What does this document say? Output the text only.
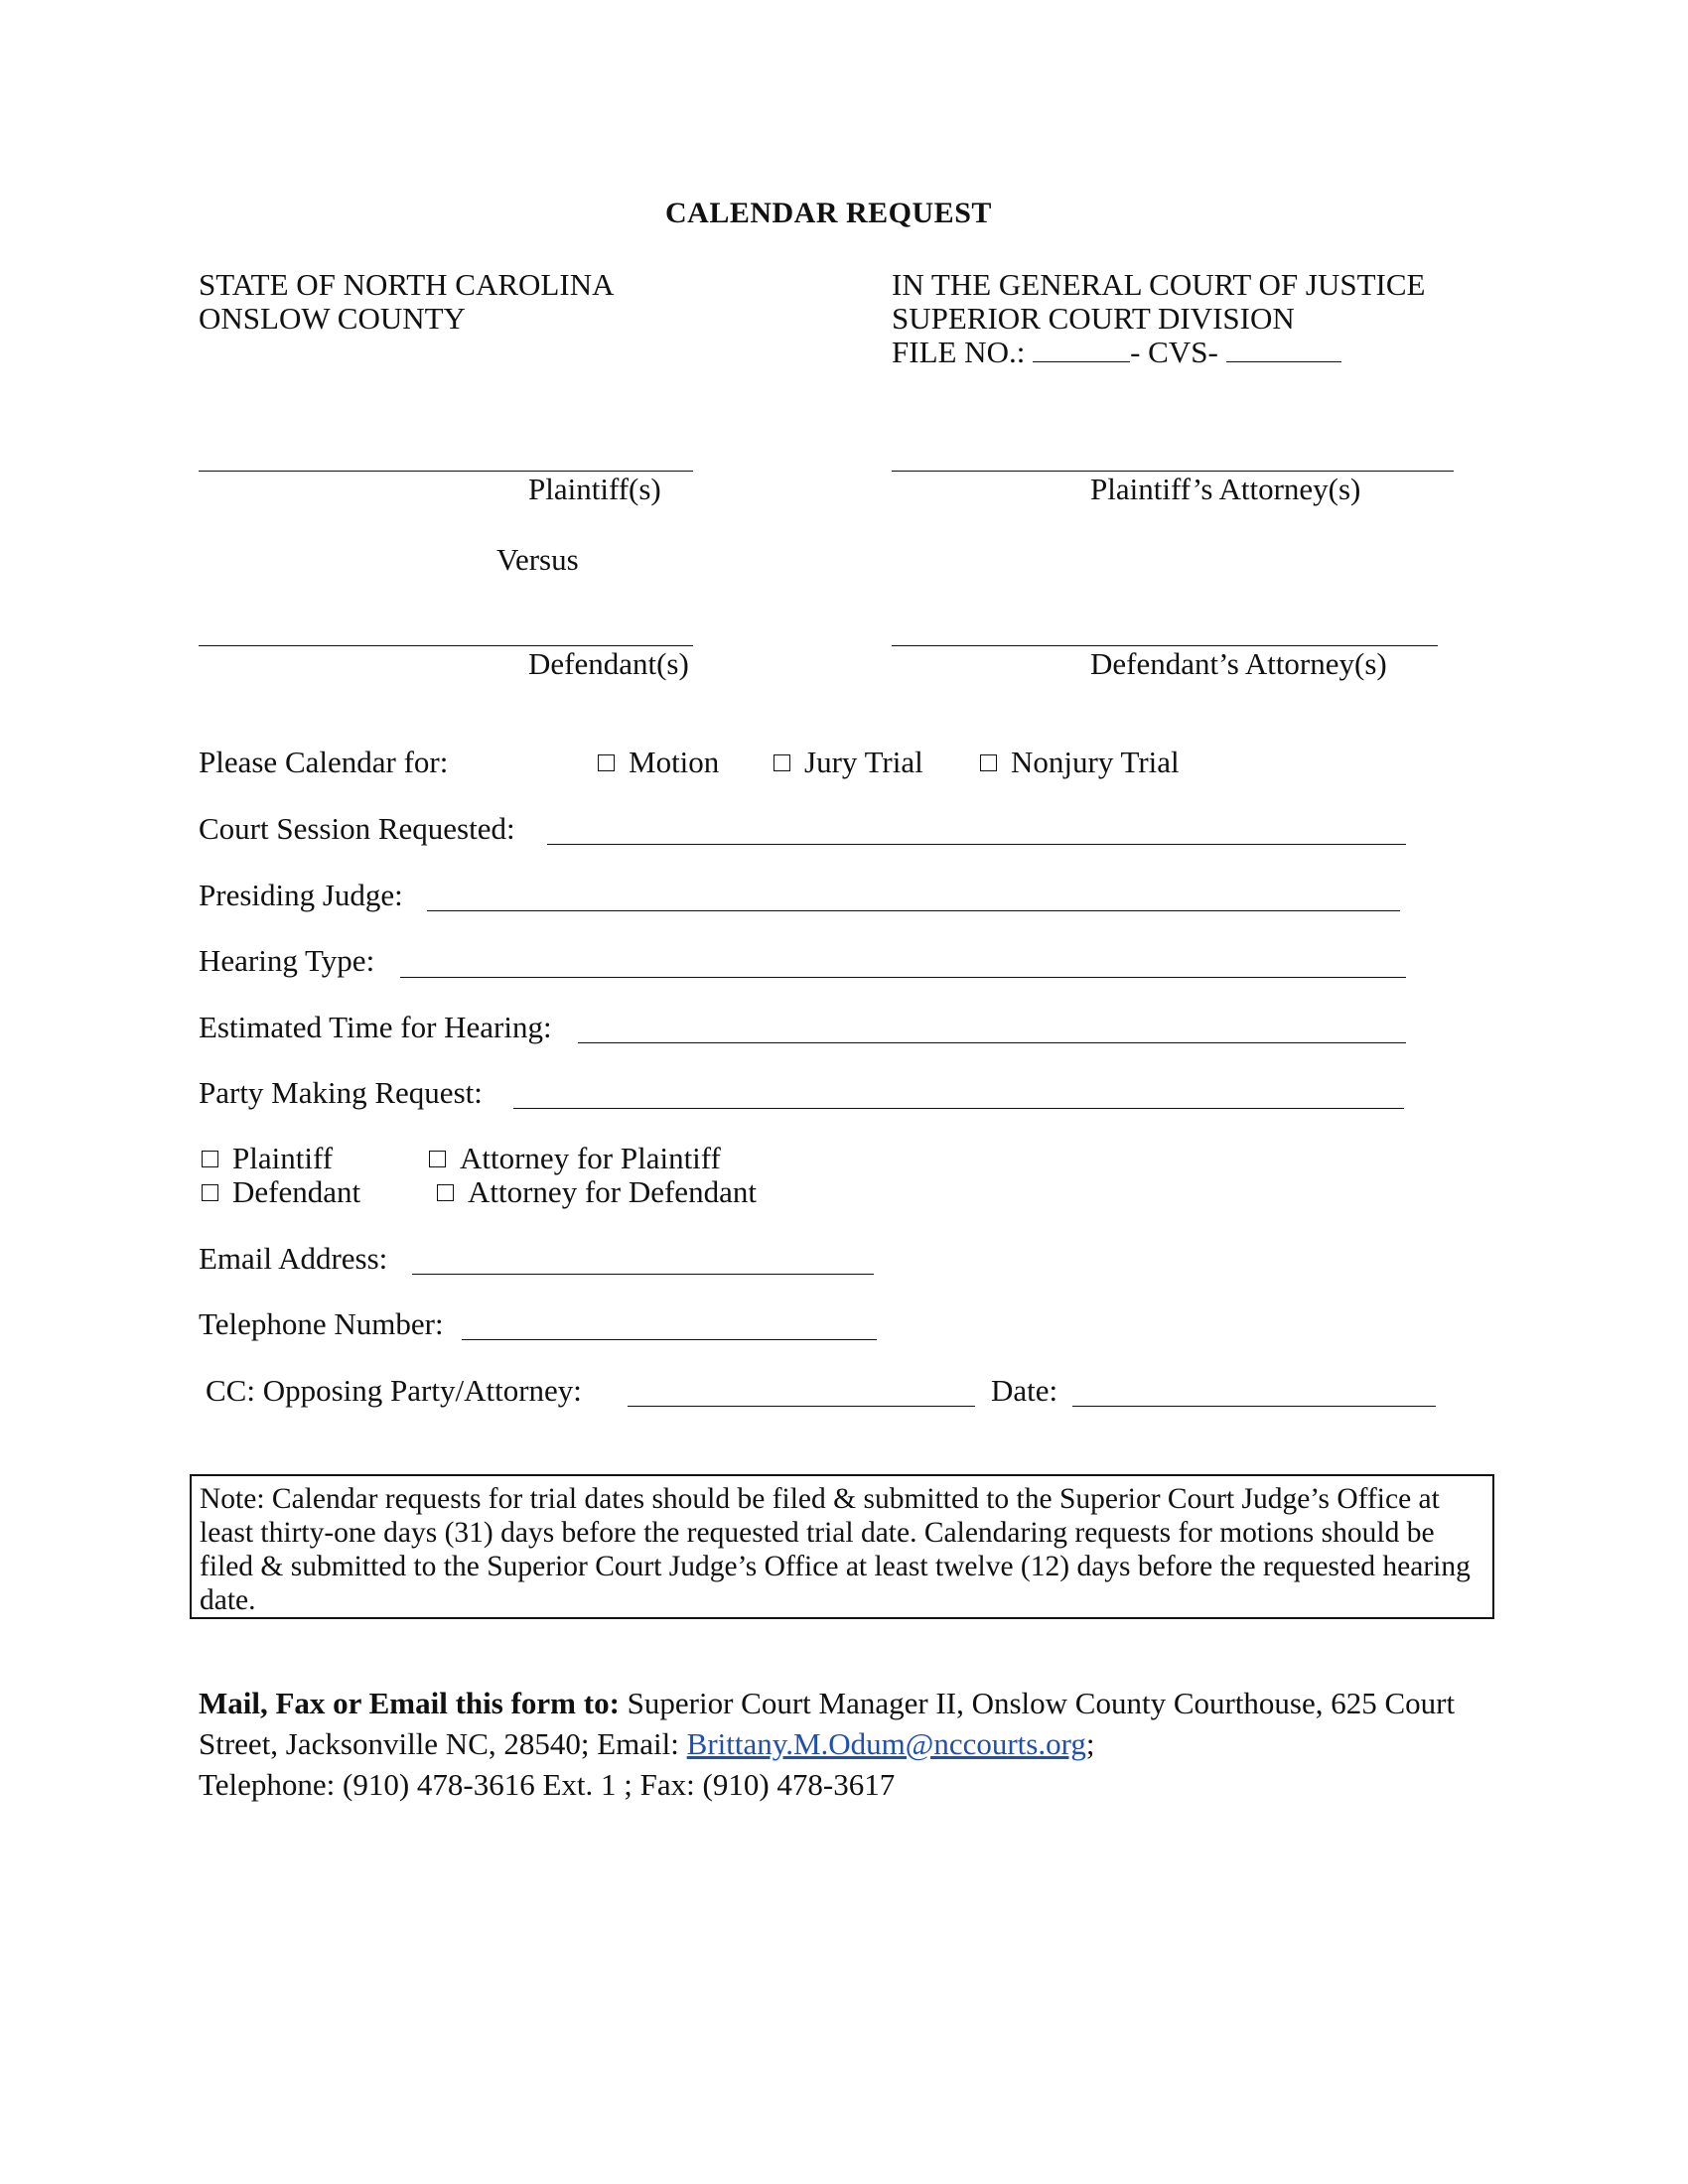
CALENDAR REQUEST
STATE OF NORTH CAROLINA
ONSLOW COUNTY
IN THE GENERAL COURT OF JUSTICE
SUPERIOR COURT DIVISION
FILE NO.:	- CVS-
Plaintiff(s)	Plaintiff’s Attorney(s)
Versus
Defendant(s)	Defendant’s Attorney(s)
Please Calendar for:	Motion	Jury Trial	Nonjury Trial
Court Session Requested:
Presiding Judge:
Hearing Type:
Estimated Time for Hearing:
Party Making Request:
Plaintiff	Attorney for Plaintiff
Defendant	Attorney for Defendant
Email Address:
Telephone Number:
CC: Opposing Party/Attorney:	Date:
Note: Calendar requests for trial dates should be filed & submitted to the Superior Court Judge’s Office at least thirty-one days (31) days before the requested trial date. Calendaring requests for motions should be filed & submitted to the Superior Court Judge’s Office at least twelve (12) days before the requested hearing date.
Mail, Fax or Email this form to: Superior Court Manager II, Onslow County Courthouse, 625 Court Street, Jacksonville NC, 28540; Email: Brittany.M.Odum@nccourts.org;
Telephone: (910) 478-3616 Ext. 1 ; Fax: (910) 478-3617
